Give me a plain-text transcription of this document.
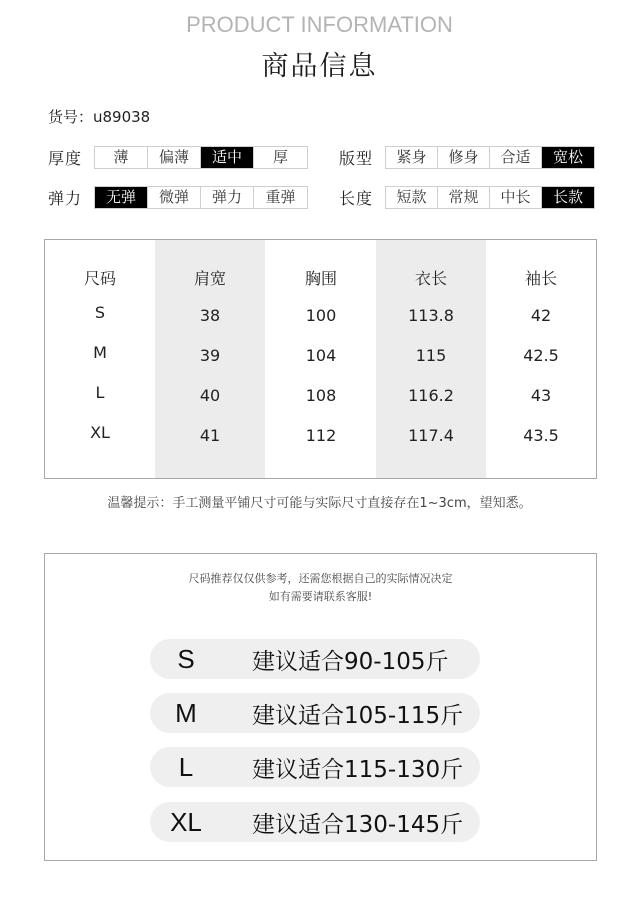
PRODUCT INFORMATION
商品信息
货号：u89038
厚度	薄	偏薄	适中	厚	版型	紧身	修身	合适	宽松
弹力	无弹	微弹	弹力	重弹	长度	短款	常规	中长	长款
尺码	肩宽	胸围	衣长	袖长
S	38	100	113.8	42
M	39	104	115	42.5
L	40	108	116.2	43
XL	41	112	117.4	43.5
温馨提示：手工测量平铺尺寸可能与实际尺寸直接存在1~3cm，望知悉。
尺码推荐仅仅供参考，还需您根据自己的实际情况决定
如有需要请联系客服!
S	建议适合90-105斤
M	建议适合105-115斤
L	建议适合115-130斤
XL	建议适合130-145斤
